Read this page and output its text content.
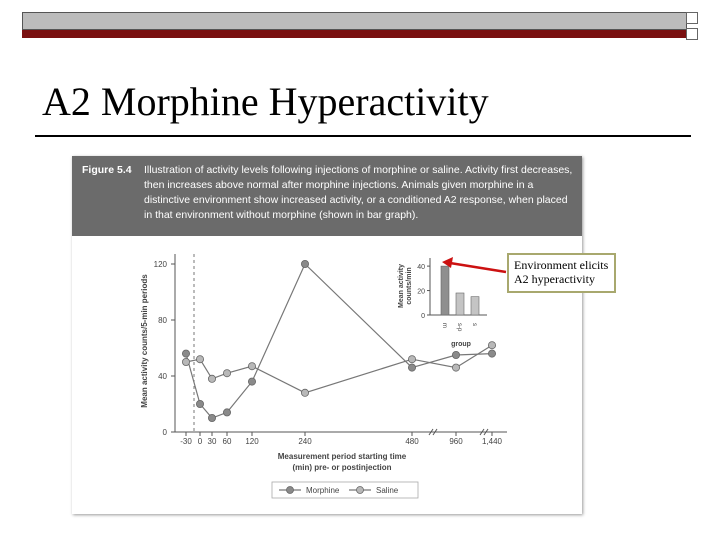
A2 Morphine Hyperactivity
Figure 5.4 Illustration of activity levels following injections of morphine or saline. Activity first decreases, then increases above normal after morphine injections. Animals given morphine in a distinctive environment show increased activity, or a conditioned A2 response, when placed in that environment without morphine (shown in bar graph).
0
40
80
120
-30 0 30 60 120	240	480	960 1,440
Mean activity counts/5-min periods
Measurement period starting time
(min) pre- or postinjection
0
20
40
m s-p s
Mean activity counts/min
group
Morphine	Saline
Environment elicits A2 hyperactivity
